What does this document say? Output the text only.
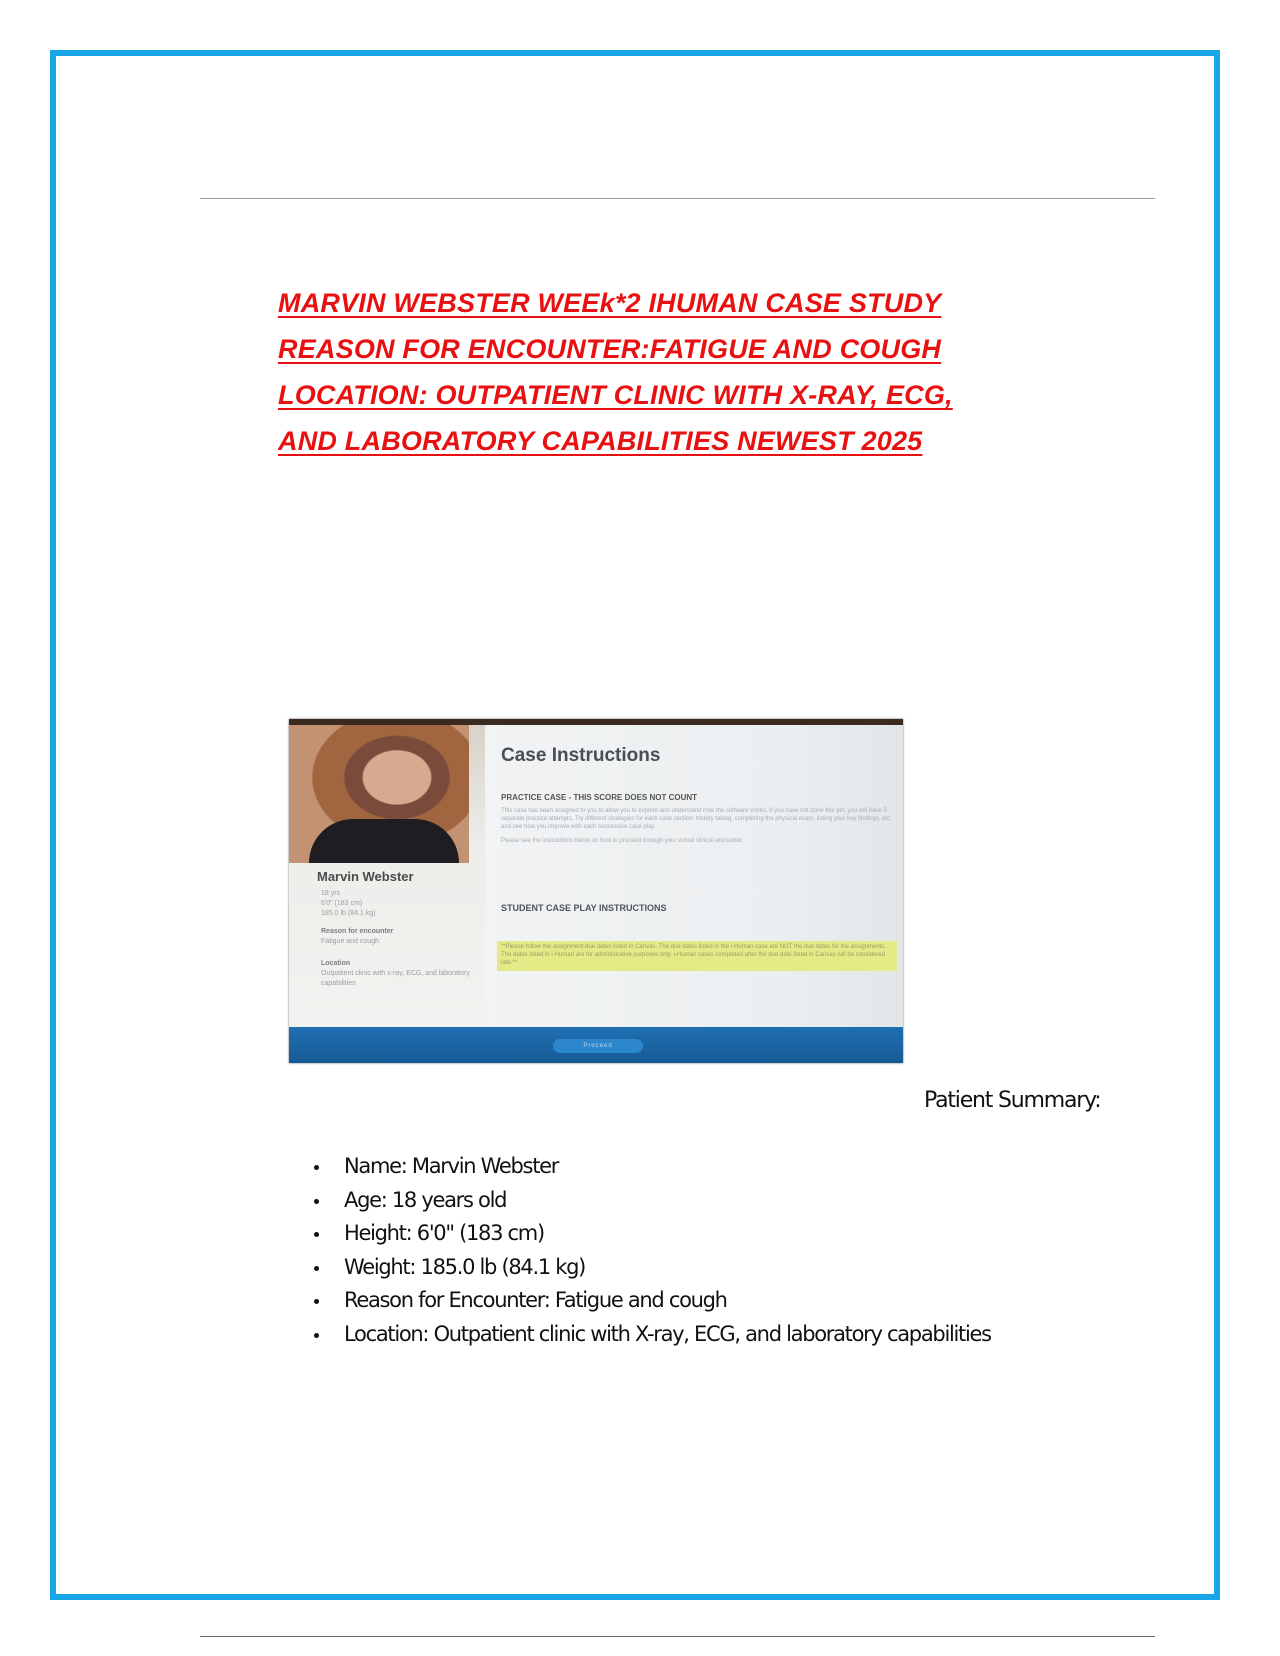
MARVIN WEBSTER WEEk*2 IHUMAN CASE STUDY
REASON FOR ENCOUNTER:FATIGUE AND COUGH
LOCATION: OUTPATIENT CLINIC WITH X-RAY, ECG,
AND LABORATORY CAPABILITIES NEWEST 2025
Marvin Webster
18 yrs
6'0" (183 cm)
185.0 lb (84.1 kg)
Reason for encounter
Fatigue and cough
Location
Outpatient clinic with x-ray, ECG, and laboratory capabilities
Case Instructions
PRACTICE CASE - THIS SCORE DOES NOT COUNT
This case has been assigned to you to allow you to explore and understand how the software works. If you have not done this yet, you will have 5 separate practice attempts. Try different strategies for each case section: history taking, completing the physical exam, listing your key findings, etc. and see how you improve with each successive case play.
Please see the instructions below on how to proceed through your virtual clinical encounter.
STUDENT CASE PLAY INSTRUCTIONS
**Please follow the assignment due dates listed in Canvas. The due dates listed in the i-Human case are NOT the due dates for the assignments. The dates listed in i-Human are for administrative purposes only. i-Human cases completed after the due date listed in Canvas will be considered late.**
Proceed
Patient Summary:
Name: Marvin Webster
Age: 18 years old
Height: 6'0" (183 cm)
Weight: 185.0 lb (84.1 kg)
Reason for Encounter: Fatigue and cough
Location: Outpatient clinic with X-ray, ECG, and laboratory capabilities
